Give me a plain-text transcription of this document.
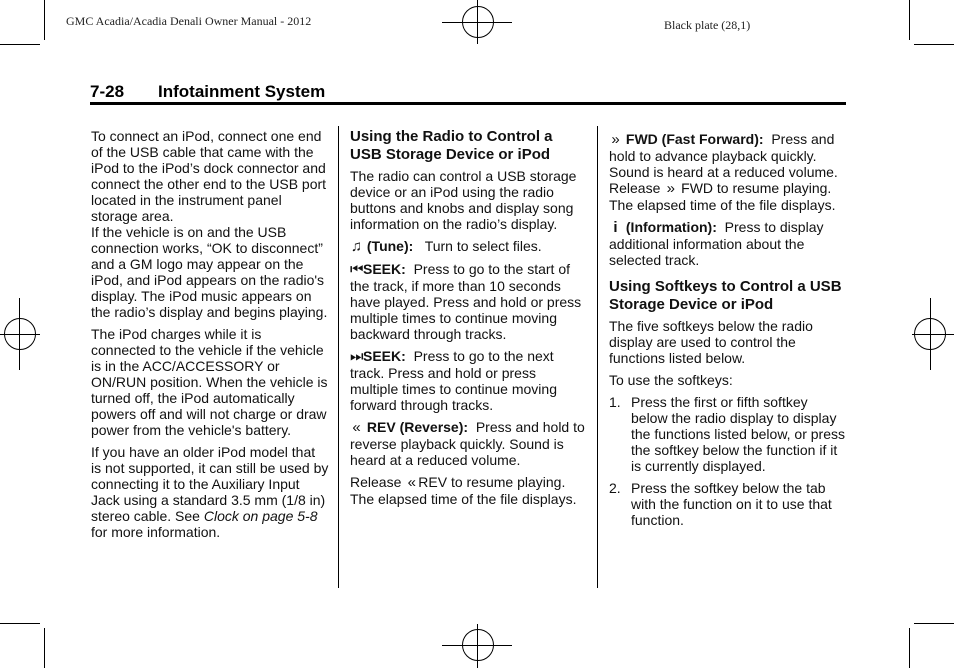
GMC Acadia/Acadia Denali Owner Manual - 2012	Black plate (28,1)
7-28 Infotainment System

To connect an iPod, connect one end of the USB cable that came with the iPod to the iPod’s dock connector and connect the other end to the USB port located in the instrument panel storage area.

If the vehicle is on and the USB connection works, “OK to disconnect” and a GM logo may appear on the iPod, and iPod appears on the radio's display. The iPod music appears on the radio’s display and begins playing.

The iPod charges while it is connected to the vehicle if the vehicle is in the ACC/ACCESSORY or ON/RUN position. When the vehicle is turned off, the iPod automatically powers off and will not charge or draw power from the vehicle's battery.

If you have an older iPod model that is not supported, it can still be used by connecting it to the Auxiliary Input Jack using a standard 3.5 mm (1/8 in) stereo cable. See Clock on page 5-8 for more information.

Using the Radio to Control a USB Storage Device or iPod

The radio can control a USB storage device or an iPod using the radio buttons and knobs and display song information on the radio’s display.

♫ (Tune): Turn to select files.

⏮SEEK: Press to go to the start of the track, if more than 10 seconds have played. Press and hold or press multiple times to continue moving backward through tracks.

⏭SEEK: Press to go to the next track. Press and hold or press multiple times to continue moving forward through tracks.

« REV (Reverse): Press and hold to reverse playback quickly. Sound is heard at a reduced volume.

Release « REV to resume playing. The elapsed time of the file displays.

» FWD (Fast Forward): Press and hold to advance playback quickly. Sound is heard at a reduced volume. Release » FWD to resume playing. The elapsed time of the file displays.

i (Information): Press to display additional information about the selected track.

Using Softkeys to Control a USB Storage Device or iPod

The five softkeys below the radio display are used to control the functions listed below.

To use the softkeys:

1. Press the first or fifth softkey below the radio display to display the functions listed below, or press the softkey below the function if it is currently displayed.
2. Press the softkey below the tab with the function on it to use that function.
